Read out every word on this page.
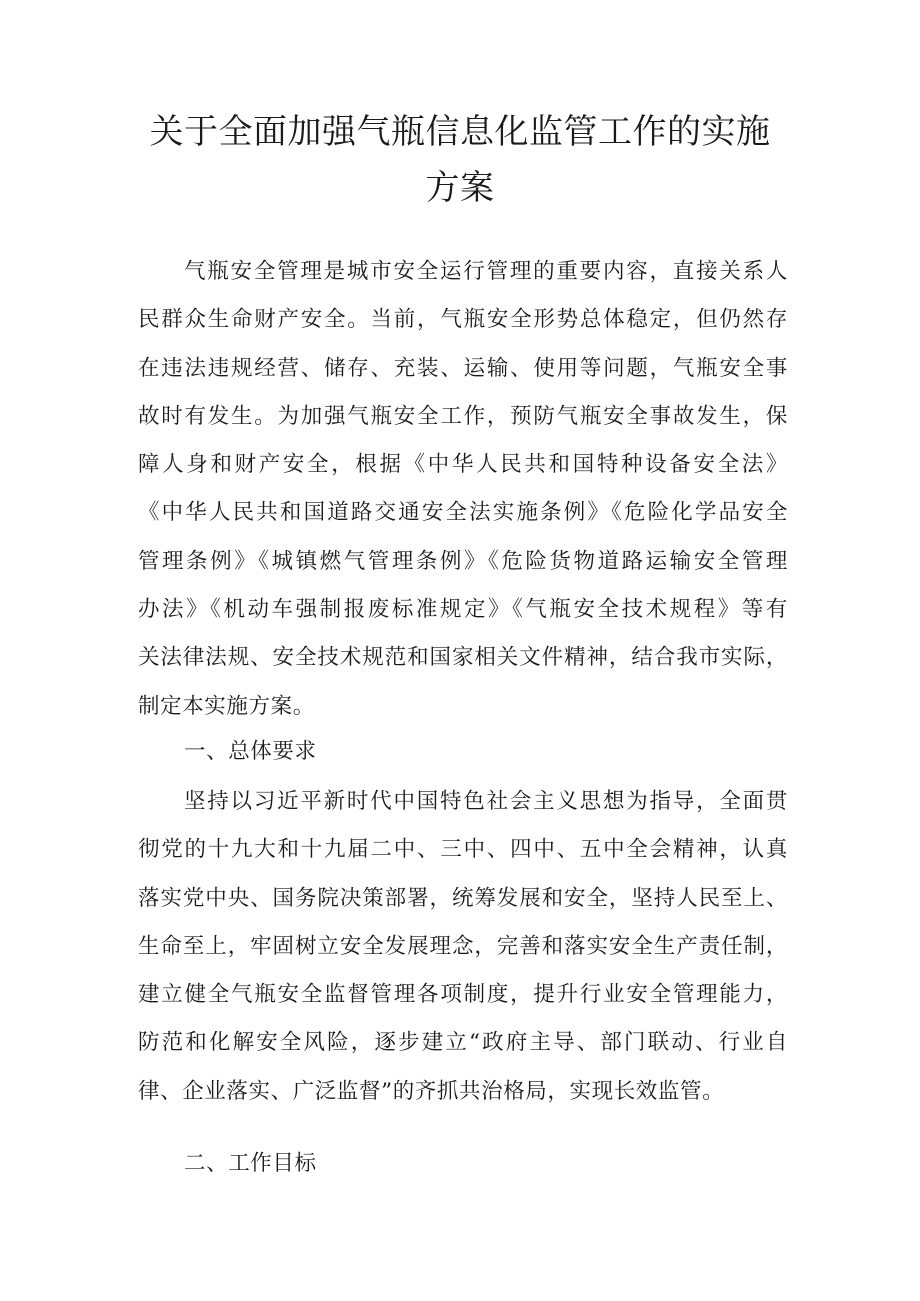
关于全面加强气瓶信息化监管工作的实施
方案
气瓶安全管理是城市安全运行管理的重要内容，直接关系人
民群众生命财产安全。当前，气瓶安全形势总体稳定，但仍然存
在违法违规经营、储存、充装、运输、使用等问题，气瓶安全事
故时有发生。为加强气瓶安全工作，预防气瓶安全事故发生，保
障人身和财产安全，根据《中华人民共和国特种设备安全法》
《中华人民共和国道路交通安全法实施条例》《危险化学品安全
管理条例》《城镇燃气管理条例》《危险货物道路运输安全管理
办法》《机动车强制报废标准规定》《气瓶安全技术规程》等有
关法律法规、安全技术规范和国家相关文件精神，结合我市实际，
制定本实施方案。
一、总体要求
坚持以习近平新时代中国特色社会主义思想为指导，全面贯
彻党的十九大和十九届二中、三中、四中、五中全会精神，认真
落实党中央、国务院决策部署，统筹发展和安全，坚持人民至上、
生命至上，牢固树立安全发展理念，完善和落实安全生产责任制，
建立健全气瓶安全监督管理各项制度，提升行业安全管理能力，
防范和化解安全风险，逐步建立“政府主导、部门联动、行业自
律、企业落实、广泛监督”的齐抓共治格局，实现长效监管。
二、工作目标
